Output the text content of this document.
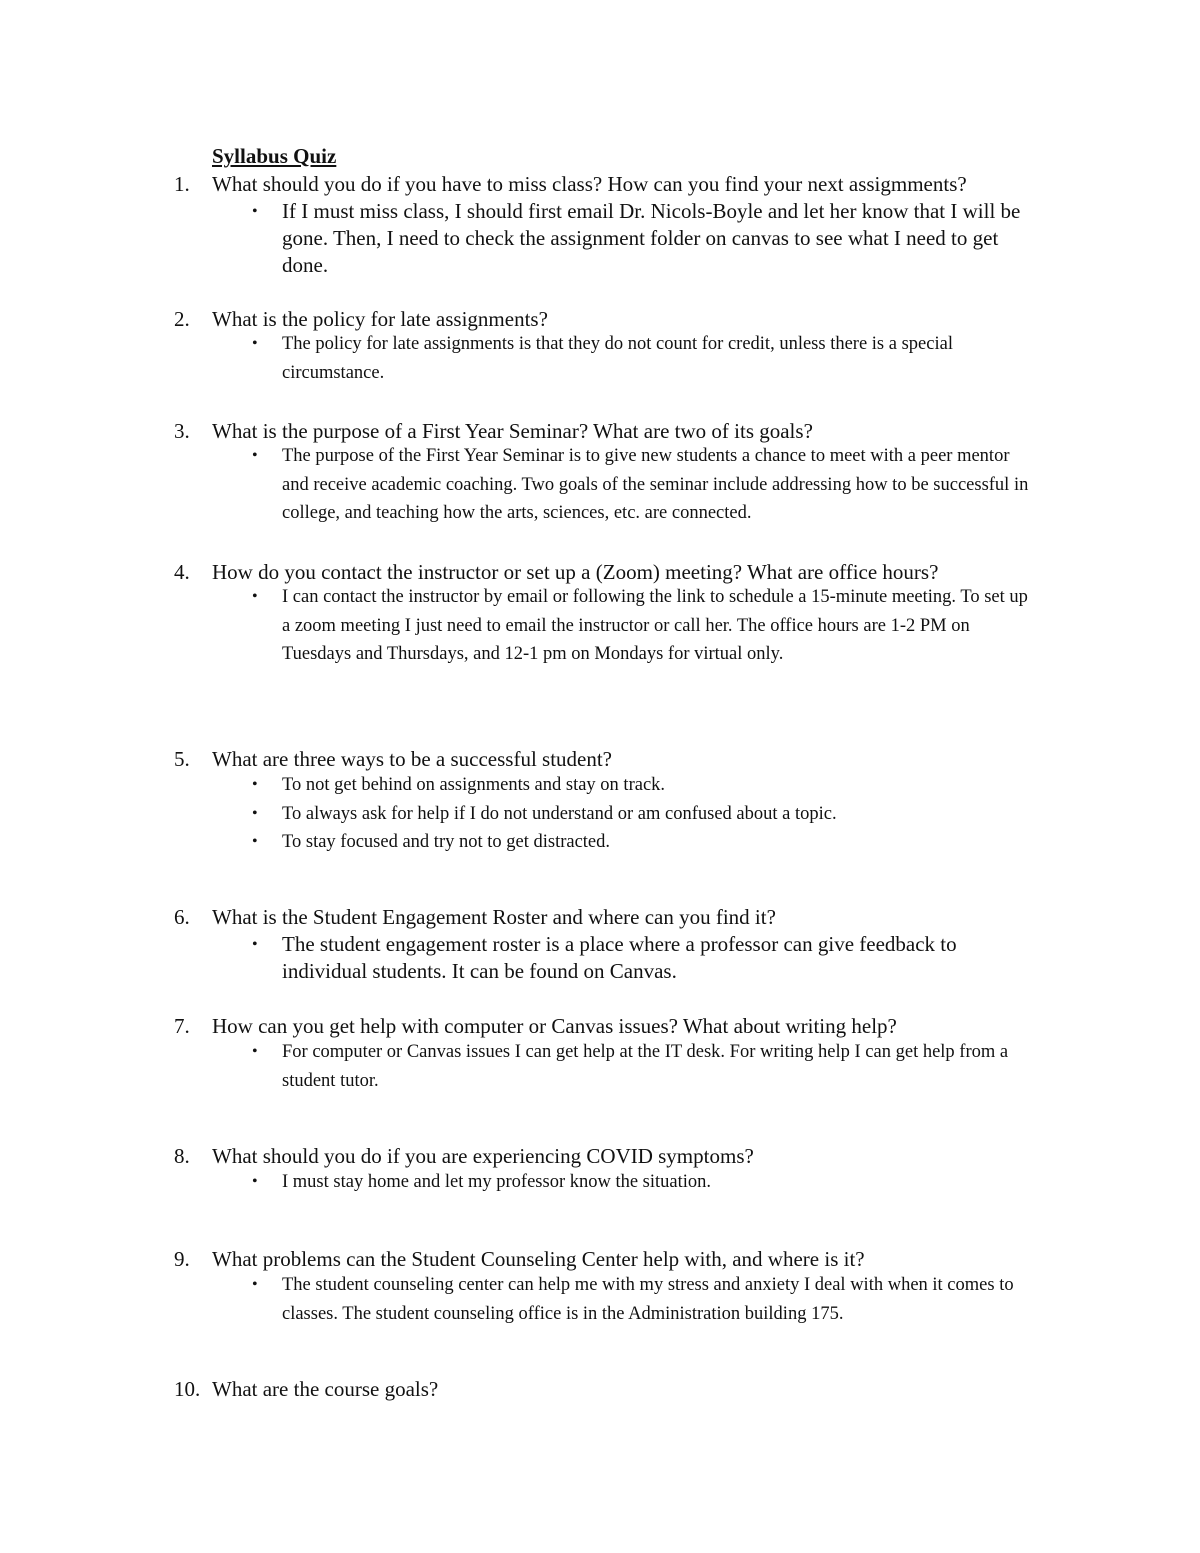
Syllabus Quiz
1. What should you do if you have to miss class? How can you find your next assigmments?
• If I must miss class, I should first email Dr. Nicols-Boyle and let her know that I will be gone. Then, I need to check the assignment folder on canvas to see what I need to get done.
2. What is the policy for late assignments?
• The policy for late assignments is that they do not count for credit, unless there is a special circumstance.
3. What is the purpose of a First Year Seminar? What are two of its goals?
• The purpose of the First Year Seminar is to give new students a chance to meet with a peer mentor and receive academic coaching. Two goals of the seminar include addressing how to be successful in college, and teaching how the arts, sciences, etc. are connected.
4. How do you contact the instructor or set up a (Zoom) meeting? What are office hours?
• I can contact the instructor by email or following the link to schedule a 15-minute meeting. To set up a zoom meeting I just need to email the instructor or call her. The office hours are 1-2 PM on Tuesdays and Thursdays, and 12-1 pm on Mondays for virtual only.
5. What are three ways to be a successful student?
• To not get behind on assignments and stay on track.
• To always ask for help if I do not understand or am confused about a topic.
• To stay focused and try not to get distracted.
6. What is the Student Engagement Roster and where can you find it?
• The student engagement roster is a place where a professor can give feedback to individual students. It can be found on Canvas.
7. How can you get help with computer or Canvas issues? What about writing help?
• For computer or Canvas issues I can get help at the IT desk. For writing help I can get help from a student tutor.
8. What should you do if you are experiencing COVID symptoms?
• I must stay home and let my professor know the situation.
9. What problems can the Student Counseling Center help with, and where is it?
• The student counseling center can help me with my stress and anxiety I deal with when it comes to classes. The student counseling office is in the Administration building 175.
10. What are the course goals?
